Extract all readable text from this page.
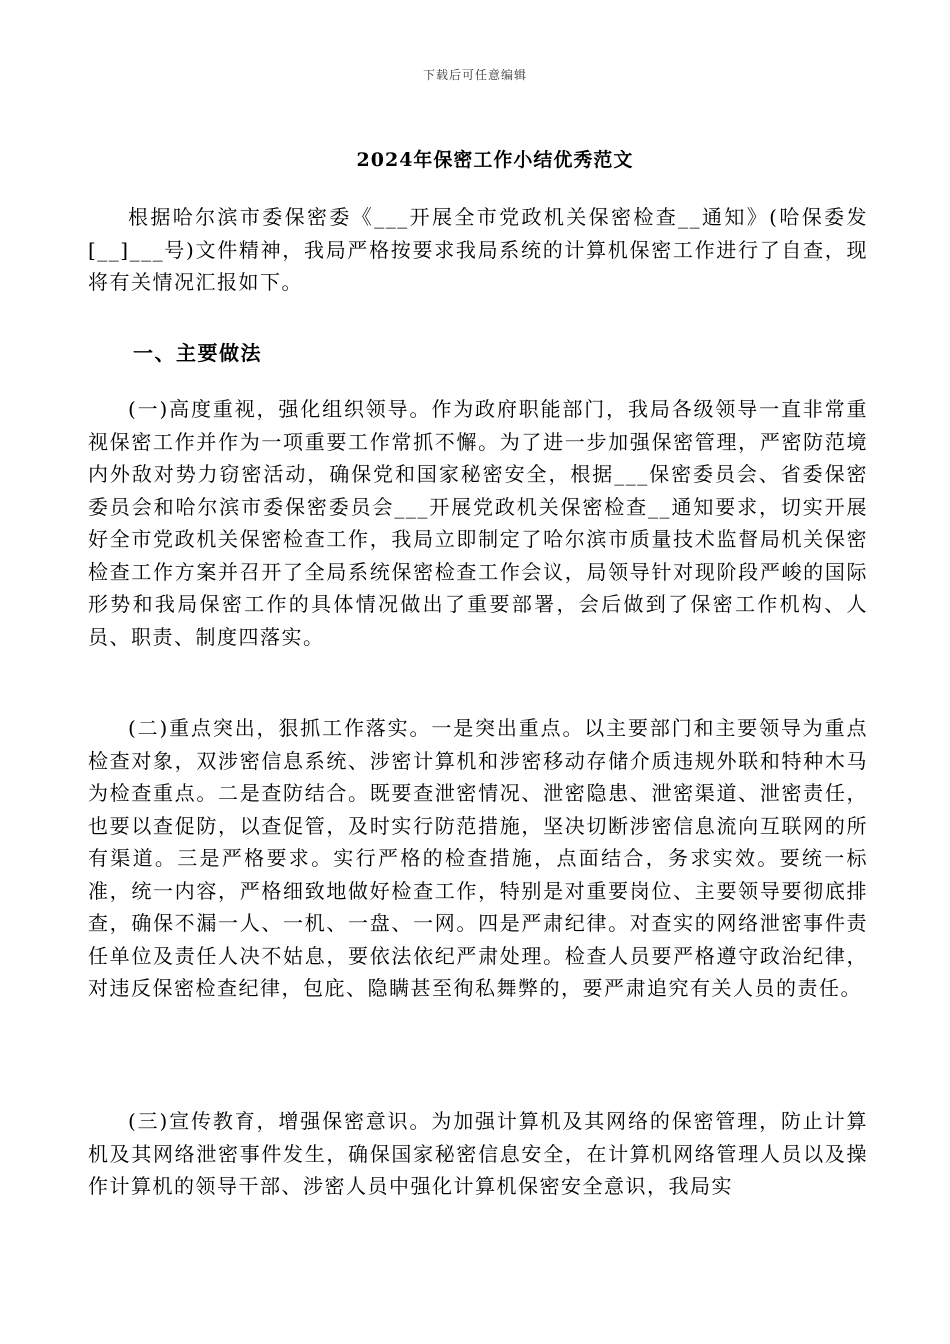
下载后可任意编辑
2024年保密工作小结优秀范文

根据哈尔滨市委保密委《___开展全市党政机关保密检查__通知》(哈保委发[__]___号)文件精神，我局严格按要求我局系统的计算机保密工作进行了自查，现将有关情况汇报如下。

一、主要做法

(一)高度重视，强化组织领导。作为政府职能部门，我局各级领导一直非常重视保密工作并作为一项重要工作常抓不懈。为了进一步加强保密管理，严密防范境内外敌对势力窃密活动，确保党和国家秘密安全，根据___保密委员会、省委保密委员会和哈尔滨市委保密委员会___开展党政机关保密检查__通知要求，切实开展好全市党政机关保密检查工作，我局立即制定了哈尔滨市质量技术监督局机关保密检查工作方案并召开了全局系统保密检查工作会议，局领导针对现阶段严峻的国际形势和我局保密工作的具体情况做出了重要部署，会后做到了保密工作机构、人员、职责、制度四落实。

(二)重点突出，狠抓工作落实。一是突出重点。以主要部门和主要领导为重点检查对象，双涉密信息系统、涉密计算机和涉密移动存储介质违规外联和特种木马为检查重点。二是查防结合。既要查泄密情况、泄密隐患、泄密渠道、泄密责任，也要以查促防，以查促管，及时实行防范措施，坚决切断涉密信息流向互联网的所有渠道。三是严格要求。实行严格的检查措施，点面结合，务求实效。要统一标准，统一内容，严格细致地做好检查工作，特别是对重要岗位、主要领导要彻底排查，确保不漏一人、一机、一盘、一网。四是严肃纪律。对查实的网络泄密事件责任单位及责任人决不姑息，要依法依纪严肃处理。检查人员要严格遵守政治纪律，对违反保密检查纪律，包庇、隐瞒甚至徇私舞弊的，要严肃追究有关人员的责任。

(三)宣传教育，增强保密意识。为加强计算机及其网络的保密管理，防止计算机及其网络泄密事件发生，确保国家秘密信息安全，在计算机网络管理人员以及操作计算机的领导干部、涉密人员中强化计算机保密安全意识，我局实
